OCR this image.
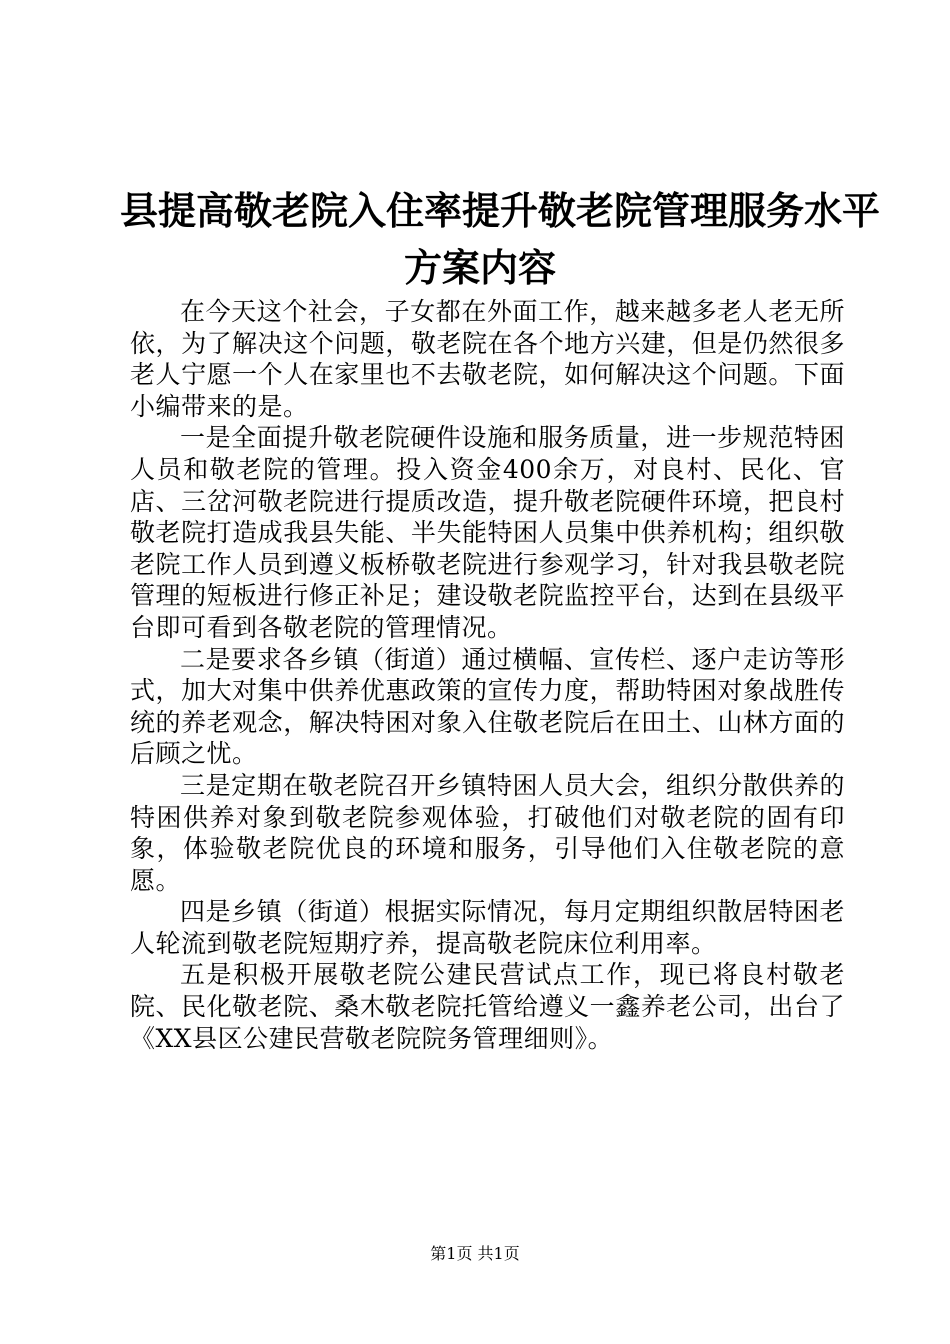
县提高敬老院入住率提升敬老院管理服务水平
方案内容

在今天这个社会，子女都在外面工作，越来越多老人老无所依，为了解决这个问题，敬老院在各个地方兴建，但是仍然很多老人宁愿一个人在家里也不去敬老院，如何解决这个问题。下面小编带来的是。

一是全面提升敬老院硬件设施和服务质量，进一步规范特困人员和敬老院的管理。投入资金400余万，对良村、民化、官店、三岔河敬老院进行提质改造，提升敬老院硬件环境，把良村敬老院打造成我县失能、半失能特困人员集中供养机构；组织敬老院工作人员到遵义板桥敬老院进行参观学习，针对我县敬老院管理的短板进行修正补足；建设敬老院监控平台，达到在县级平台即可看到各敬老院的管理情况。

二是要求各乡镇（街道）通过横幅、宣传栏、逐户走访等形式，加大对集中供养优惠政策的宣传力度，帮助特困对象战胜传统的养老观念，解决特困对象入住敬老院后在田土、山林方面的后顾之忧。

三是定期在敬老院召开乡镇特困人员大会，组织分散供养的特困供养对象到敬老院参观体验，打破他们对敬老院的固有印象，体验敬老院优良的环境和服务，引导他们入住敬老院的意愿。

四是乡镇（街道）根据实际情况，每月定期组织散居特困老人轮流到敬老院短期疗养，提高敬老院床位利用率。

五是积极开展敬老院公建民营试点工作，现已将良村敬老院、民化敬老院、桑木敬老院托管给遵义一鑫养老公司，出台了《XX县区公建民营敬老院院务管理细则》。

第1页 共1页
